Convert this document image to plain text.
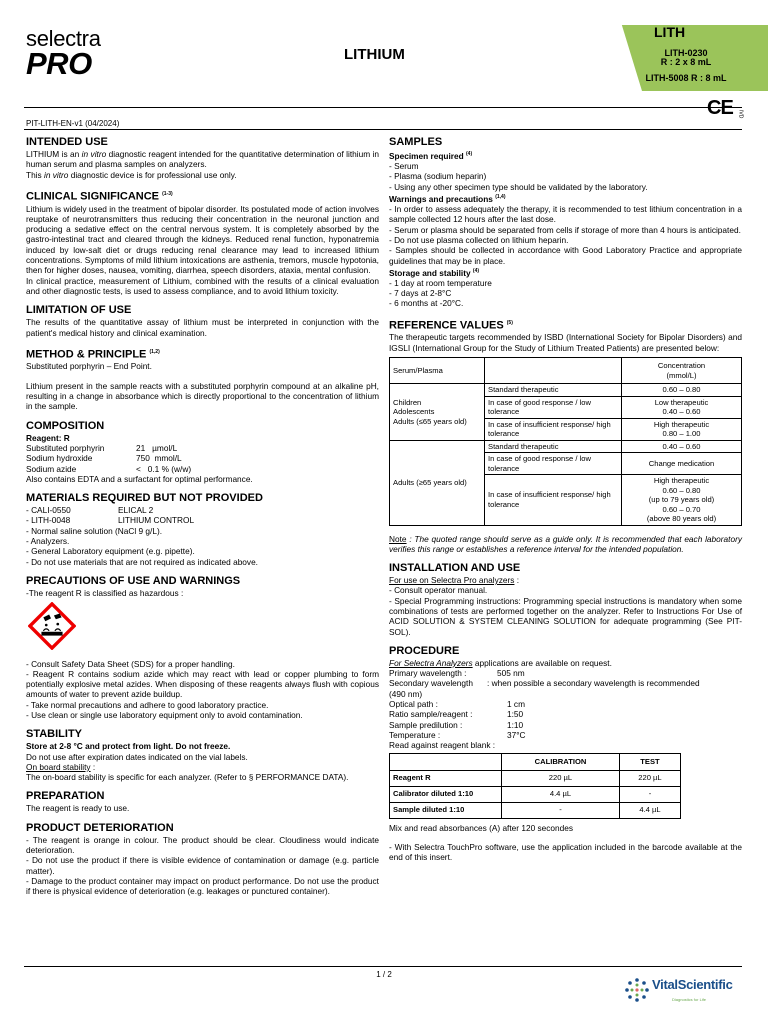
selectra
PRO	LITHIUM
LITH
LITH-0230
R : 2 x 8 mL
LITH-5008 R : 8 mL
PIT-LITH-EN-v1 (04/2024)
CE IVD
INTENDED USE
LITHIUM is an in vitro diagnostic reagent intended for the quantitative determination of lithium in human serum and plasma samples on analyzers.
This in vitro diagnostic device is for professional use only.
CLINICAL SIGNIFICANCE $^{(1-3)}$
Lithium is widely used in the treatment of bipolar disorder. Its postulated mode of action involves reuptake of neurotransmitters thus reducing their concentration in the neuronal junction and producing a sedative effect on the central nervous system. It is completely absorbed by the gastro-intestinal tract and cleared through the kidneys. Reduced renal function, hyponatremia induced by low-salt diet or drugs reducing renal clearance may lead to increased lithium concentrations. Symptoms of mild lithium intoxications are asthenia, tremors, muscle hypotonia, then for higher doses, nausea, vomiting, diarrhea, speech disorders, ataxia, mental confusion.
In clinical practice, measurement of Lithium, combined with the results of a clinical evaluation and other diagnostic tests, is used to assess compliance, and to avoid lithium toxicity.
LIMITATION OF USE
The results of the quantitative assay of lithium must be interpreted in conjunction with the patient's medical history and clinical examination.
METHOD & PRINCIPLE $^{(1,2)}$
Substituted porphyrin – End Point.
Lithium present in the sample reacts with a substituted porphyrin compound at an alkaline pH, resulting in a change in absorbance which is directly proportional to the concentration of lithium in the sample.
COMPOSITION
Reagent: R
Substituted porphyrin	21   µmol/L
Sodium hydroxide	750  mmol/L
Sodium azide	<   0.1 % (w/w)
Also contains EDTA and a surfactant for optimal performance.
MATERIALS REQUIRED BUT NOT PROVIDED
- CALI-0550	ELICAL 2
- LITH-0048	LITHIUM CONTROL
- Normal saline solution (NaCl 9 g/L).
- Analyzers.
- General Laboratory equipment (e.g. pipette).
- Do not use materials that are not required as indicated above.
PRECAUTIONS OF USE AND WARNINGS
-The reagent R is classified as hazardous :
- Consult Safety Data Sheet (SDS) for a proper handling.
- Reagent R contains sodium azide which may react with lead or copper plumbing to form potentially explosive metal azides. When disposing of these reagents always flush with copious amounts of water to prevent azide buildup.
- Take normal precautions and adhere to good laboratory practice.
- Use clean or single use laboratory equipment only to avoid contamination.
STABILITY
Store at 2-8 °C and protect from light. Do not freeze.
Do not use after expiration dates indicated on the vial labels.
On board stability :
The on-board stability is specific for each analyzer. (Refer to § PERFORMANCE DATA).
PREPARATION
The reagent is ready to use.
PRODUCT DETERIORATION
- The reagent is orange in colour. The product should be clear. Cloudiness would indicate deterioration.
- Do not use the product if there is visible evidence of contamination or damage (e.g. particle matter).
- Damage to the product container may impact on product performance. Do not use the product if there is physical evidence of deterioration (e.g. leakages or punctured container).
SAMPLES
Specimen required $^{(4)}$
- Serum
- Plasma (sodium heparin)
- Using any other specimen type should be validated by the laboratory.
Warnings and precautions $^{(1,4)}$
- In order to assess adequately the therapy, it is recommended to test lithium concentration in a sample collected 12 hours after the last dose.
- Serum or plasma should be separated from cells if storage of more than 4 hours is anticipated.
- Do not use plasma collected on lithium heparin.
- Samples should be collected in accordance with Good Laboratory Practice and appropriate guidelines that may be in place.
Storage and stability $^{(4)}$
- 1 day at room temperature
- 7 days at 2-8°C
- 6 months at -20°C.
REFERENCE VALUES $^{(5)}$
The therapeutic targets recommended by ISBD (International Society for Bipolar Disorders) and IGSLI (International Group for the Study of Lithium Treated Patients) are presented below:
Serum/Plasma		Concentration
(mmol/L)

Children
Adolescents
Adults (≤65 years old)	Standard therapeutic	0.60 – 0.80

	In case of good response / low tolerance	Low therapeutic
0.40 – 0.60

	In case of insufficient response/ high tolerance	High therapeutic
0.80 – 1.00

Adults (≥65 years old)	Standard therapeutic	0.40 – 0.60

	In case of good response / low tolerance	Change medication

	In case of insufficient response/ high tolerance	High therapeutic
0.60 – 0.80
(up to 79 years old)
0.60 – 0.70
(above 80 years old)
Note : The quoted range should serve as a guide only. It is recommended that each laboratory verifies this range or establishes a reference interval for the intended population.
INSTALLATION AND USE
For use on Selectra Pro analyzers :
- Consult operator manual.
- Special Programming instructions: Programming special instructions is mandatory when some combinations of tests are performed together on the analyzer. Refer to Instructions For Use of ACID SOLUTION & SYSTEM CLEANING SOLUTION for adequate programming (See PIT-SOL).
PROCEDURE
For Selectra Analyzers applications are available on request.
Primary wavelength :	505 nm
Secondary wavelength	: when possible a secondary wavelength is recommended
(490 nm)
Optical path :	1 cm
Ratio sample/reagent :	1:50
Sample predilution :	1:10
Temperature :	37°C
Read against reagent blank :
	CALIBRATION	TEST
Reagent R	220 µL	220 µL
Calibrator diluted 1:10	4.4 µL	-
Sample diluted 1:10	-	4.4 µL
Mix and read absorbances (A) after 120 secondes
- With Selectra TouchPro software, use the application included in the barcode available at the end of this insert.
1 / 2
VitalScientific
Diagnostics for Life
